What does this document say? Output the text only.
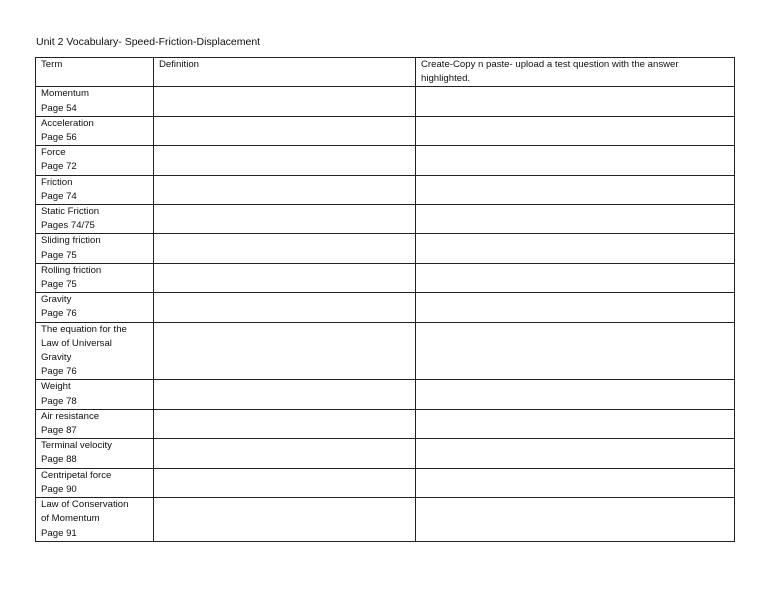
Unit 2 Vocabulary- Speed-Friction-Displacement
Term	Definition	Create-Copy n paste- upload a test question with the answer highlighted.

Momentum
Page 54		

Acceleration
Page 56		

Force
Page 72		

Friction
Page 74		

Static Friction
Pages 74/75		

Sliding friction
Page 75		

Rolling friction
Page 75		

Gravity
Page 76		

The equation for the
Law of Universal
Gravity
Page 76		

Weight
Page 78		

Air resistance
Page 87		

Terminal velocity
Page 88		

Centripetal force
Page 90		

Law of Conservation
of Momentum
Page 91		
